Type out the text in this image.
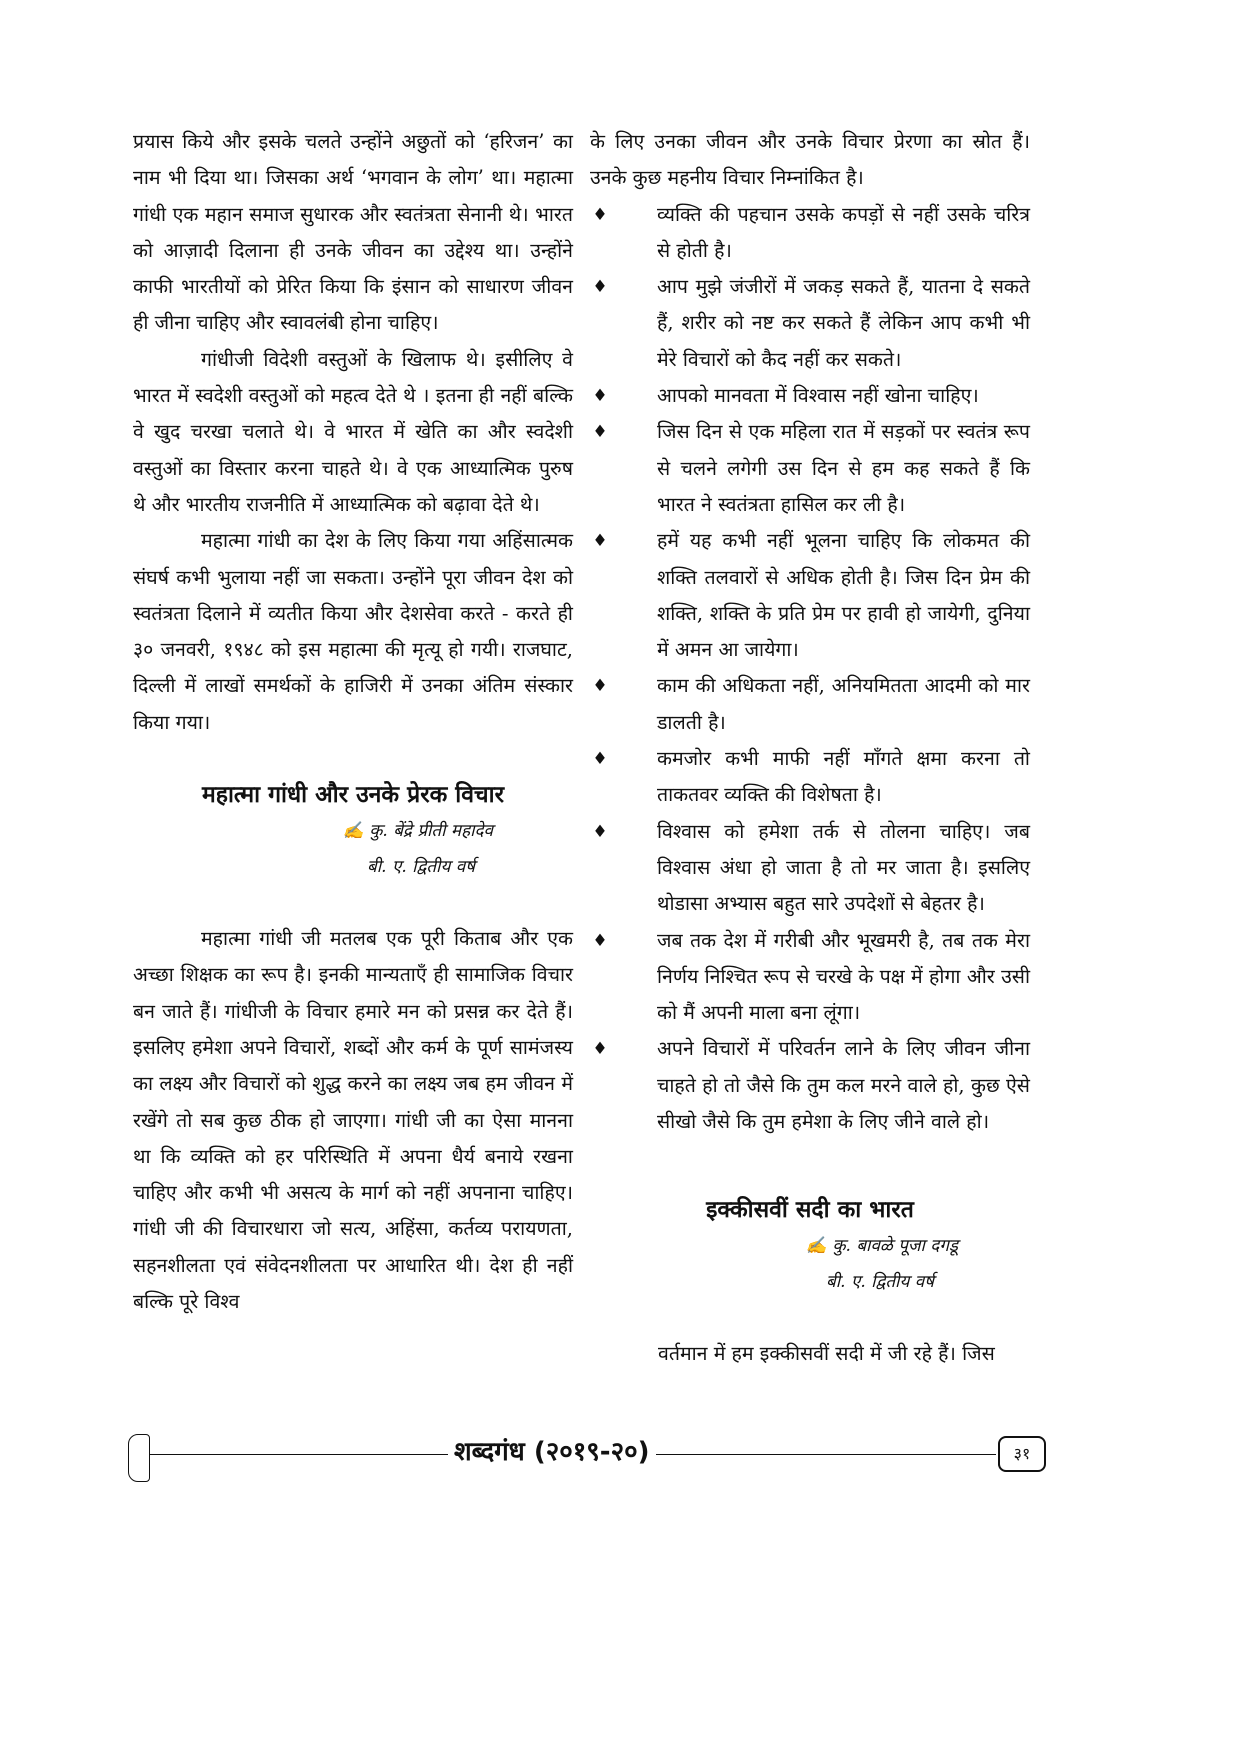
प्रयास किये और इसके चलते उन्होंने अछुतों को ‘हरिजन’ का नाम भी दिया था। जिसका अर्थ ‘भगवान के लोग’ था। महात्मा गांधी एक महान समाज सुधारक और स्वतंत्रता सेनानी थे। भारत को आज़ादी दिलाना ही उनके जीवन का उद्देश्य था। उन्होंने काफी भारतीयों को प्रेरित किया कि इंसान को साधारण जीवन ही जीना चाहिए और स्वावलंबी होना चाहिए।

गांधीजी विदेशी वस्तुओं के खिलाफ थे। इसीलिए वे भारत में स्वदेशी वस्तुओं को महत्व देते थे । इतना ही नहीं बल्कि वे खुद चरखा चलाते थे। वे भारत में खेति का और स्वदेशी वस्तुओं का विस्तार करना चाहते थे। वे एक आध्यात्मिक पुरुष थे और भारतीय राजनीति में आध्यात्मिक को बढ़ावा देते थे।

महात्मा गांधी का देश के लिए किया गया अहिंसात्मक संघर्ष कभी भुलाया नहीं जा सकता। उन्होंने पूरा जीवन देश को स्वतंत्रता दिलाने में व्यतीत किया और देशसेवा करते - करते ही ३० जनवरी, १९४८ को इस महात्मा की मृत्यू हो गयी। राजघाट, दिल्ली में लाखों समर्थकों के हाजिरी में उनका अंतिम संस्कार किया गया।

महात्मा गांधी और उनके प्रेरक विचार

✍ कु. बेंद्रे प्रीती महादेव

बी. ए. द्वितीय वर्ष

महात्मा गांधी जी मतलब एक पूरी किताब और एक अच्छा शिक्षक का रूप है। इनकी मान्यताएँ ही सामाजिक विचार बन जाते हैं। गांधीजी के विचार हमारे मन को प्रसन्न कर देते हैं। इसलिए हमेशा अपने विचारों, शब्दों और कर्म के पूर्ण सामंजस्य का लक्ष्य और विचारों को शुद्ध करने का लक्ष्य जब हम जीवन में रखेंगे तो सब कुछ ठीक हो जाएगा। गांधी जी का ऐसा मानना था कि व्यक्ति को हर परिस्थिति में अपना धैर्य बनाये रखना चाहिए और कभी भी असत्य के मार्ग को नहीं अपनाना चाहिए। गांधी जी की विचारधारा जो सत्य, अहिंसा, कर्तव्य परायणता, सहनशीलता एवं संवेदनशीलता पर आधारित थी। देश ही नहीं बल्कि पूरे विश्व

के लिए उनका जीवन और उनके विचार प्रेरणा का स्रोत हैं। उनके कुछ महनीय विचार निम्नांकित है।

♦	व्यक्ति की पहचान उसके कपड़ों से नहीं उसके चरित्र से होती है।
♦	आप मुझे जंजीरों में जकड़ सकते हैं, यातना दे सकते हैं, शरीर को नष्ट कर सकते हैं लेकिन आप कभी भी मेरे विचारों को कैद नहीं कर सकते।
♦	आपको मानवता में विश्वास नहीं खोना चाहिए।
♦	जिस दिन से एक महिला रात में सड़कों पर स्वतंत्र रूप से चलने लगेगी उस दिन से हम कह सकते हैं कि भारत ने स्वतंत्रता हासिल कर ली है।
♦	हमें यह कभी नहीं भूलना चाहिए कि लोकमत की शक्ति तलवारों से अधिक होती है। जिस दिन प्रेम की शक्ति, शक्ति के प्रति प्रेम पर हावी हो जायेगी, दुनिया में अमन आ जायेगा।
♦	काम की अधिकता नहीं, अनियमितता आदमी को मार डालती है।
♦	कमजोर कभी माफी नहीं माँगते क्षमा करना तो ताकतवर व्यक्ति की विशेषता है।
♦	विश्वास को हमेशा तर्क से तोलना चाहिए। जब विश्वास अंधा हो जाता है तो मर जाता है। इसलिए थोडासा अभ्यास बहुत सारे उपदेशों से बेहतर है।
♦	जब तक देश में गरीबी और भूखमरी है, तब तक मेरा निर्णय निश्चित रूप से चरखे के पक्ष में होगा और उसी को मैं अपनी माला बना लूंगा।
♦	अपने विचारों में परिवर्तन लाने के लिए जीवन जीना चाहते हो तो जैसे कि तुम कल मरने वाले हो, कुछ ऐसे सीखो जैसे कि तुम हमेशा के लिए जीने वाले हो।
इक्कीसवीं सदी का भारत

✍ कु. बावळे पूजा दगडू

बी. ए. द्वितीय वर्ष

वर्तमान में हम इक्कीसवीं सदी में जी रहे हैं। जिस

शब्दगंध (२०१९-२०)	३१
